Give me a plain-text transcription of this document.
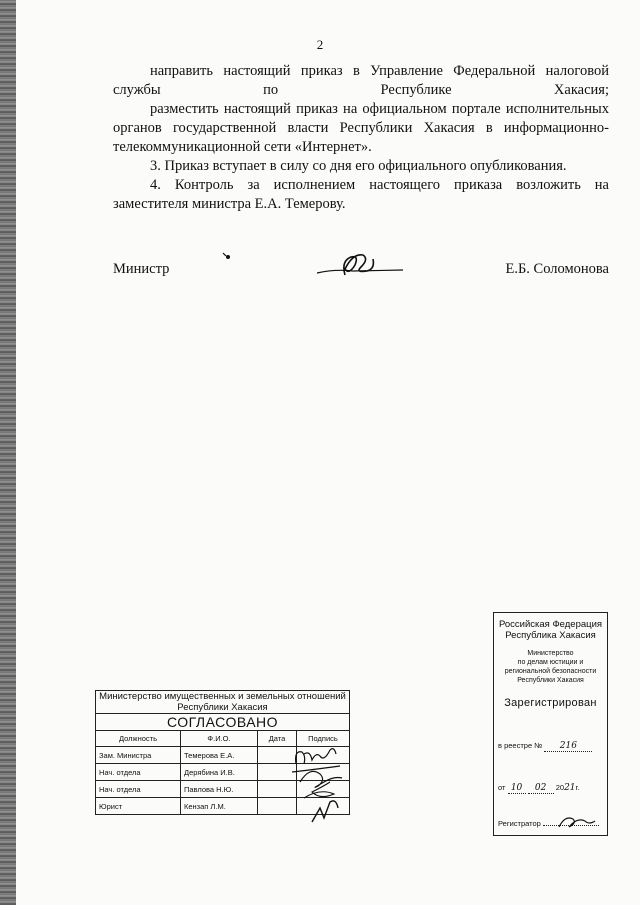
2

направить настоящий приказ в Управление Федеральной налоговой службы по Республике Хакасия;

разместить настоящий приказ на официальном портале исполнительных органов государственной власти Республики Хакасия в информационно-телекоммуникационной сети «Интернет».

3. Приказ вступает в силу со дня его официального опубликования.

4. Контроль за исполнением настоящего приказа возложить на заместителя министра Е.А. Темерову.

Министр	Е.Б. Соломонова
Министерство имущественных и земельных отношений Республики Хакасия			
СОГЛАСОВАНО			
Должность	Ф.И.О.	Дата	Подпись
Зам. Министра	Темерова Е.А.		
Нач. отдела	Дерябина И.В.		
Нач. отдела	Павлова Н.Ю.		
Юрист	Кензап Л.М.		
Российская Федерация
Республика Хакасия
Министерство
по делам юстиции и
региональной безопасности
Республики Хакасия
Зарегистрирован
в реестре № 216
от 10 02 2021г.
Регистратор
